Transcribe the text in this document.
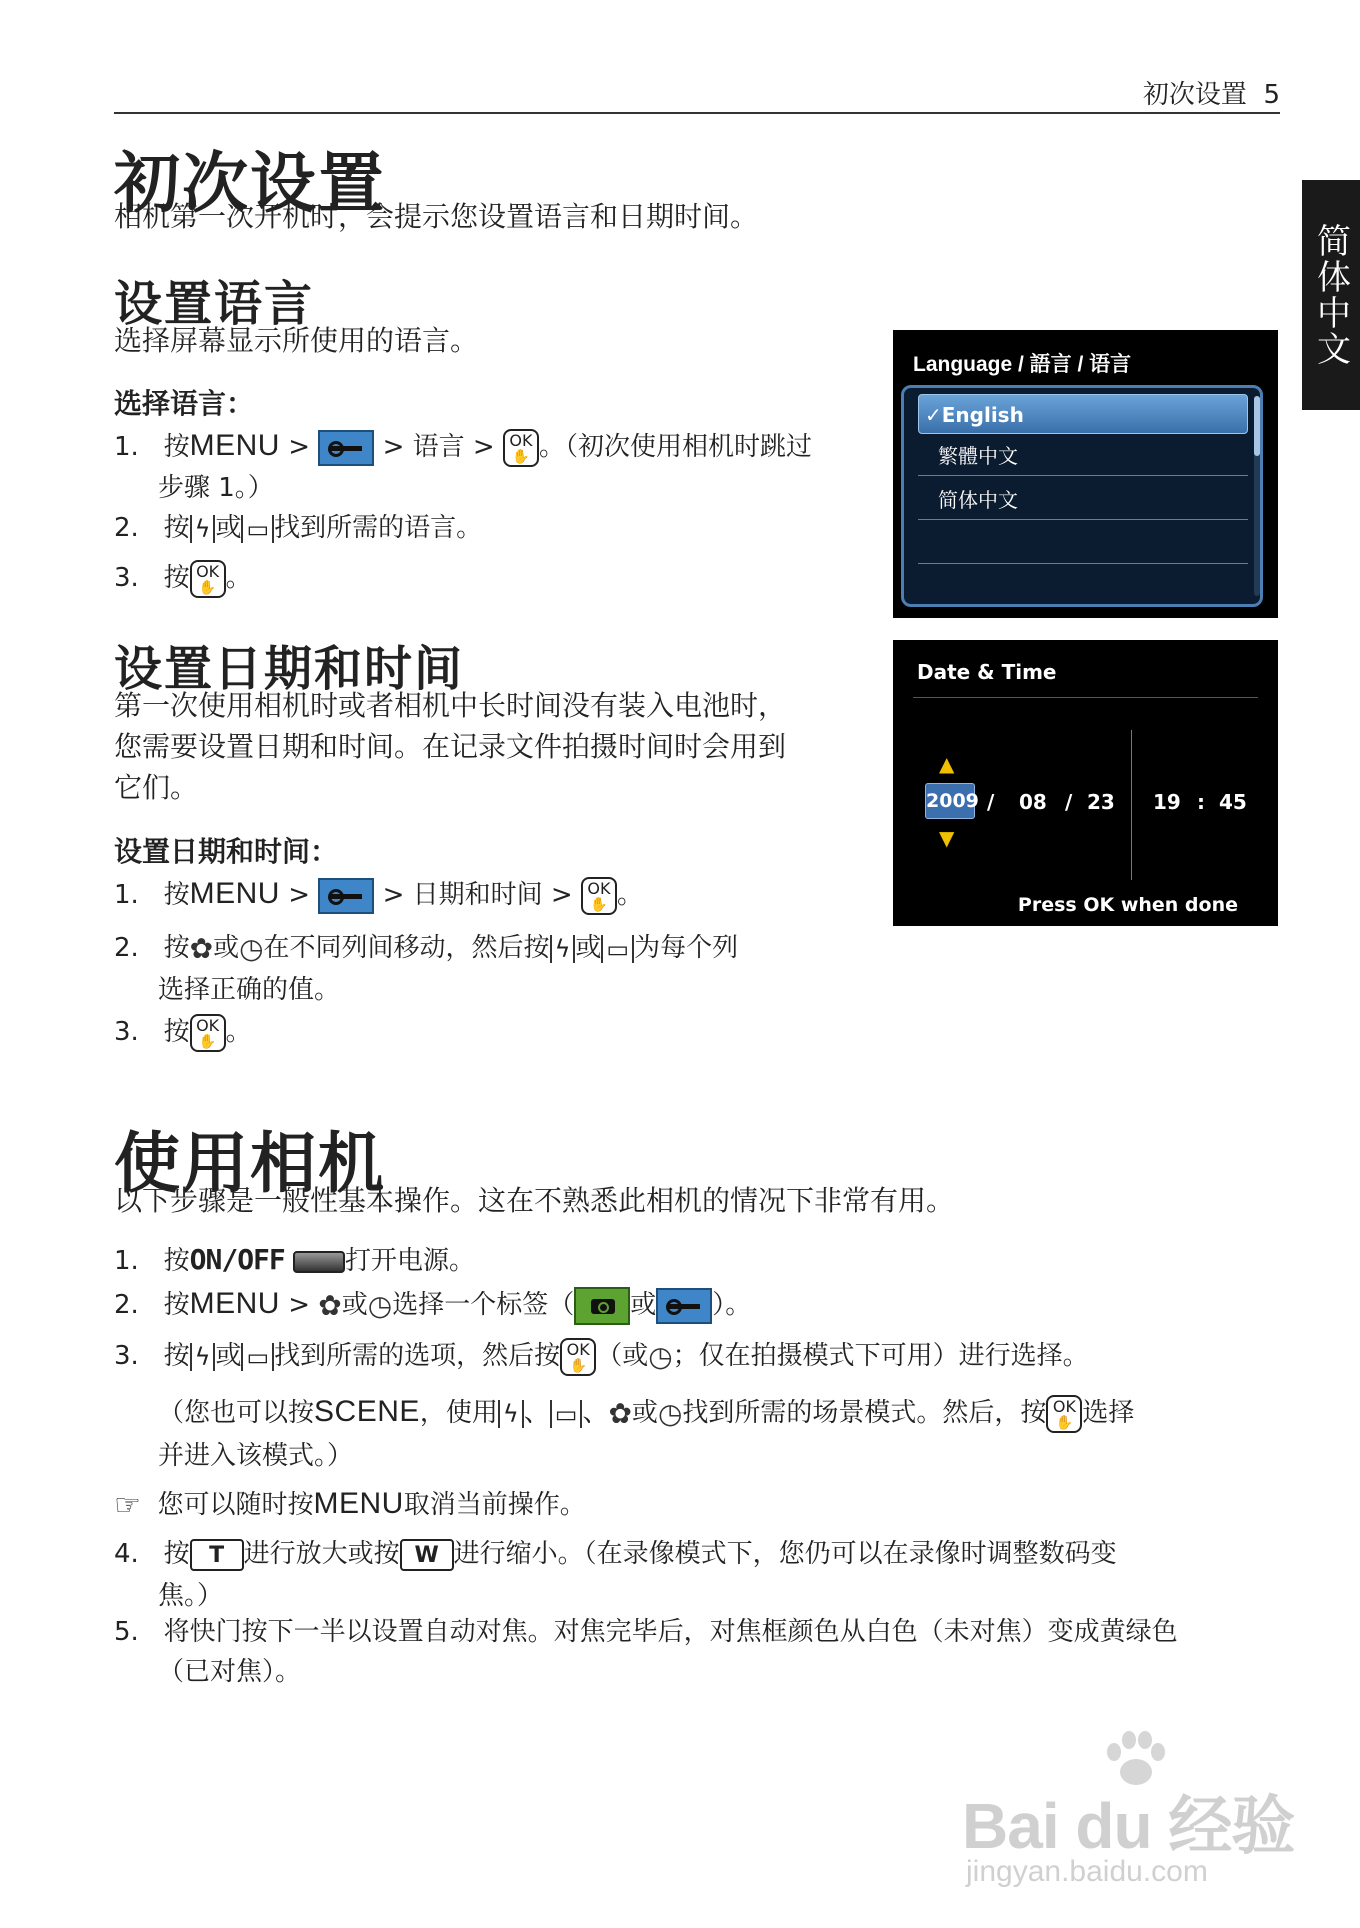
初次设置 5
简体中文
初次设置
相机第一次开机时，会提示您设置语言和日期时间。
设置语言
选择屏幕显示所使用的语言。
选择语言：
1. 按MENU >	> 语言 > OK
✋ 。（初次使用相机时跳过
步骤 1。）
2. 按 ϟ 或 ▭ 找到所需的语言。
3. 按 OK
✋ 。
Language / 語言 / 语言
✓English
繁體中文
简体中文
设置日期和时间
第一次使用相机时或者相机中长时间没有装入电池时，
您需要设置日期和时间。在记录文件拍摄时间时会用到
它们。
设置日期和时间：
1. 按MENU >	> 日期和时间 > OK
✋ 。
2. 按✿或◷在不同列间移动，然后按 ϟ 或 ▭ 为每个列
选择正确的值。
3. 按 OK
✋ 。
Date & Time
▲
2009
▼
/ 08 / 23 19 : 45
Press OK when done
使用相机
以下步骤是一般性基本操作。这在不熟悉此相机的情况下非常有用。
1. 按ON/OFF 打开电源。
2. 按MENU > ✿或◷选择一个标签（ 或 ）。
3. 按 ϟ 或 ▭ 找到所需的选项，然后按 OK
✋ （或◷；仅在拍摄模式下可用）进行选择。
（您也可以按SCENE，使用 ϟ 、 ▭ 、✿或◷找到所需的场景模式。然后，按 OK
✋ 选择
并进入该模式。）
☞ 您可以随时按MENU取消当前操作。
4. 按 T 进行放大或按 W 进行缩小。（在录像模式下，您仍可以在录像时调整数码变
焦。）
5. 将快门按下一半以设置自动对焦。对焦完毕后，对焦框颜色从白色（未对焦）变成黄绿色
（已对焦）。
Bai du 经验
jingyan.baidu.com
